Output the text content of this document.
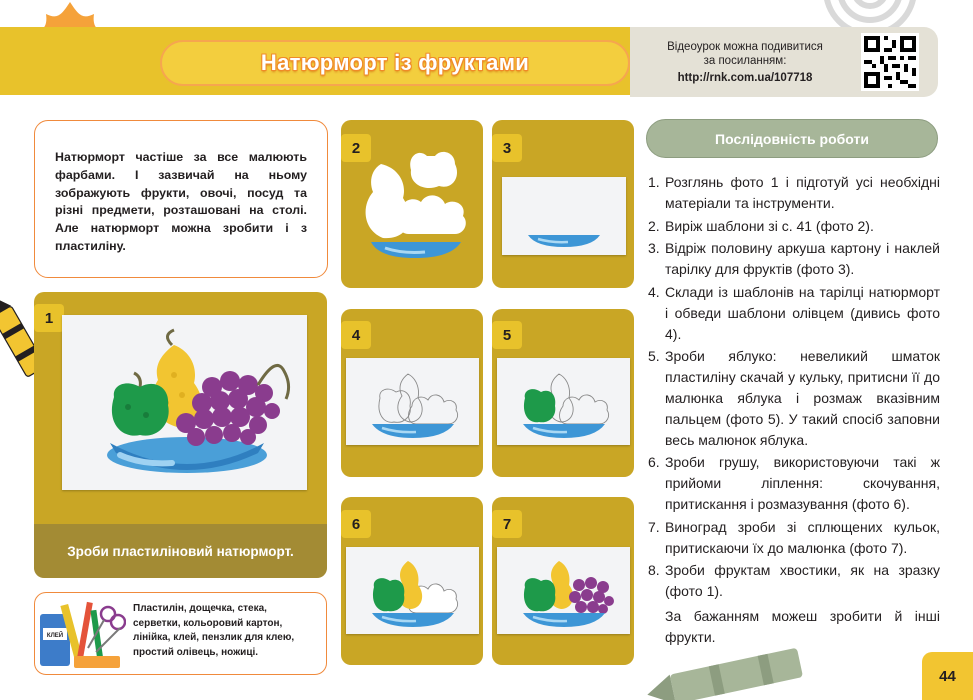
Натюрморт із фруктами
Відеоурок можна подивитися
за посиланням:
http://rnk.com.ua/107718
Натюрморт частіше за все малюють фарбами. І зазвичай на ньому зображують фрукти, овочі, посуд та різні предмети, розташовані на столі. Але натюрморт можна зробити і з пластиліну.
1
Зроби пластиліновий натюрморт.
2	3
4	5
6	7
КЛЕЙ
Пластилін, дощечка, стека, серветки, кольоровий картон, лінійка, клей, пензлик для клею, простий олівець, ножиці.
Послідовність роботи
1. Розглянь фото 1 і підготуй усі необхідні матеріали та інструменти.
2. Виріж шаблони зі с. 41 (фото 2).
3. Відріж половину аркуша картону і наклей тарілку для фруктів (фото 3).
4. Склади із шаблонів на тарілці натюрморт і обведи шаблони олівцем (дивись фото 4).
5. Зроби яблуко: невеликий шматок пластиліну скачай у кульку, притисни її до малюнка яблука і розмаж вказівним пальцем (фото 5). У такий спосіб заповни весь малюнок яблука.
6. Зроби грушу, використовуючи такі ж прийоми ліплення: скочування, притискання і розмазування (фото 6).
7. Виноград зроби зі сплющених кульок, притискаючи їх до малюнка (фото 7).
8. Зроби фруктам хвостики, як на зразку (фото 1).
За бажанням можеш зробити й інші фрукти.
44
